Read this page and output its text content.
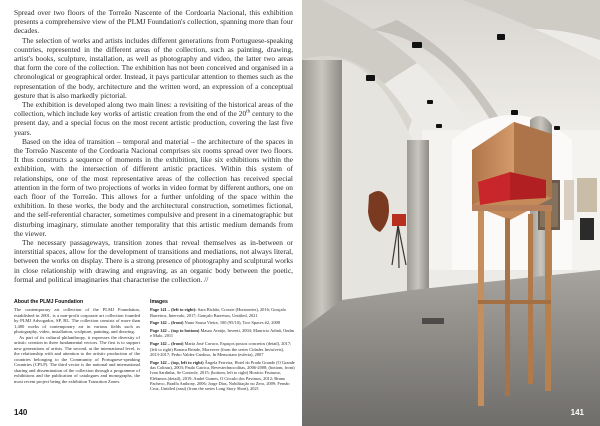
Spread over two floors of the Torreão Nascente of the Cordoaria Nacional, this exhibition presents a comprehensive view of the PLMJ Foundation's collection, spanning more than four decades.

The selection of works and artists includes different generations from Portuguese-speaking countries, represented in the different areas of the collection, such as painting, drawing, artist's books, sculpture, installation, as well as photography and video, the latter two areas that form the core of the collection. The exhibition has not been conceived and organised in a chronological or geographical order. Instead, it pays particular attention to themes such as the representation of the body, architecture and the written word, an expression of a conceptual gesture that is also markedly pictorial.

The exhibition is developed along two main lines: a revisiting of the historical areas of the collection, which include key works of artistic creation from the end of the 20th century to the present day, and a special focus on the most recent artistic production, covering the last five years.

Based on the idea of transition – temporal and material – the architecture of the spaces in the Torreão Nascente of the Cordoaria Nacional comprises six rooms spread over two floors. It thus constructs a sequence of moments in the exhibition, like six exhibitions within the exhibition, with the intersection of different artistic practices. Within this system of relationships, one of the most representative areas of the collection has received special attention in the form of two projections of works in video format by different authors, one on each floor of the Torreão. This allows for a further unfolding of the space within the exhibition. In these works, the body and the architectural construction, sometimes fictional, and the self-referential character, sometimes compulsive and present in a cinematographic but disturbing imaginary, stimulate another temporality that this artistic medium demands from the viewer.

The necessary passageways, transition zones that reveal themselves as in-between or interstitial spaces, allow for the development of transitions and mediations, not always literal, between the works on display. There is a strong presence of photography and sculptural works in close relationship with drawing and engraving, as an organic body between the poetic, formal and political imaginaries that characterise the collection. //

About the PLMJ Foundation

The contemporary art collection of the PLMJ Foundation, established in 2001, is a non-profit corporate art collection founded by PLMJ Advogados, SP, RL. The collection consists of more than 1,400 works of contemporary art in various fields such as photography, video, installation, sculpture, painting, and drawing.

As part of its cultural philanthropy, it expresses the diversity of artistic creation in three fundamental vectors. The first is to support new generations of artists. The second, at the international level, is the relationship with and attention to the artistic production of the countries belonging to the Community of Portuguese-speaking Countries (CPLP). The third vector is the national and international sharing and dissemination of the collection through a programme of exhibitions and the publication of catalogues and monographs, the most recent project being the exhibition Transition Zones.

Images

Page 141 – (left to right): Sara Bichão, Crossie (Horizontes), 2016; Gonçalo Barreiros, Intervalo, 2017; Gonçalo Barreiros, Untitled, 2021

Page 142 – (front) Nuno Sousa Vieira, 100 (95/10), Two Spaces #2, 2008

Page 142 – (top to bottom) Mauro Araújo, Inventi, 2004; Mauricio Adinã, Ondas e Malo, 2011

Page 142 – (front) Maria José Cavaco, Espaços possos concretos (detail), 2017; (left to right) Bonaca Brinde, Moreover (from the series Cidades Invisíveis), 2013-2017; Pedro Valdez Cardoso, In Memoriam (esferia), 2007

Page 142 – (top, left to right) Ângela Ferreira, Hotel do Prado Grande (O Grande das Colinas), 2003; Paulo Catrica, Revestechnocolítas, 2006-2008; (bottom, front) Ivan Sardinha, Se Controle, 2015; (bottom, left to right) Horácio Frutuoso, Eléfantos (detail), 2019; André Gomes, O Círculo dos Pavimos, 2012; Bruno Pacheco, Bradfa Anthony, 2006; Jorge Dias, Nobilitação no Zero, 2009; Fernão Cruz, Untitled (ansi) (from the series Long Story Short), 2021

140	141
